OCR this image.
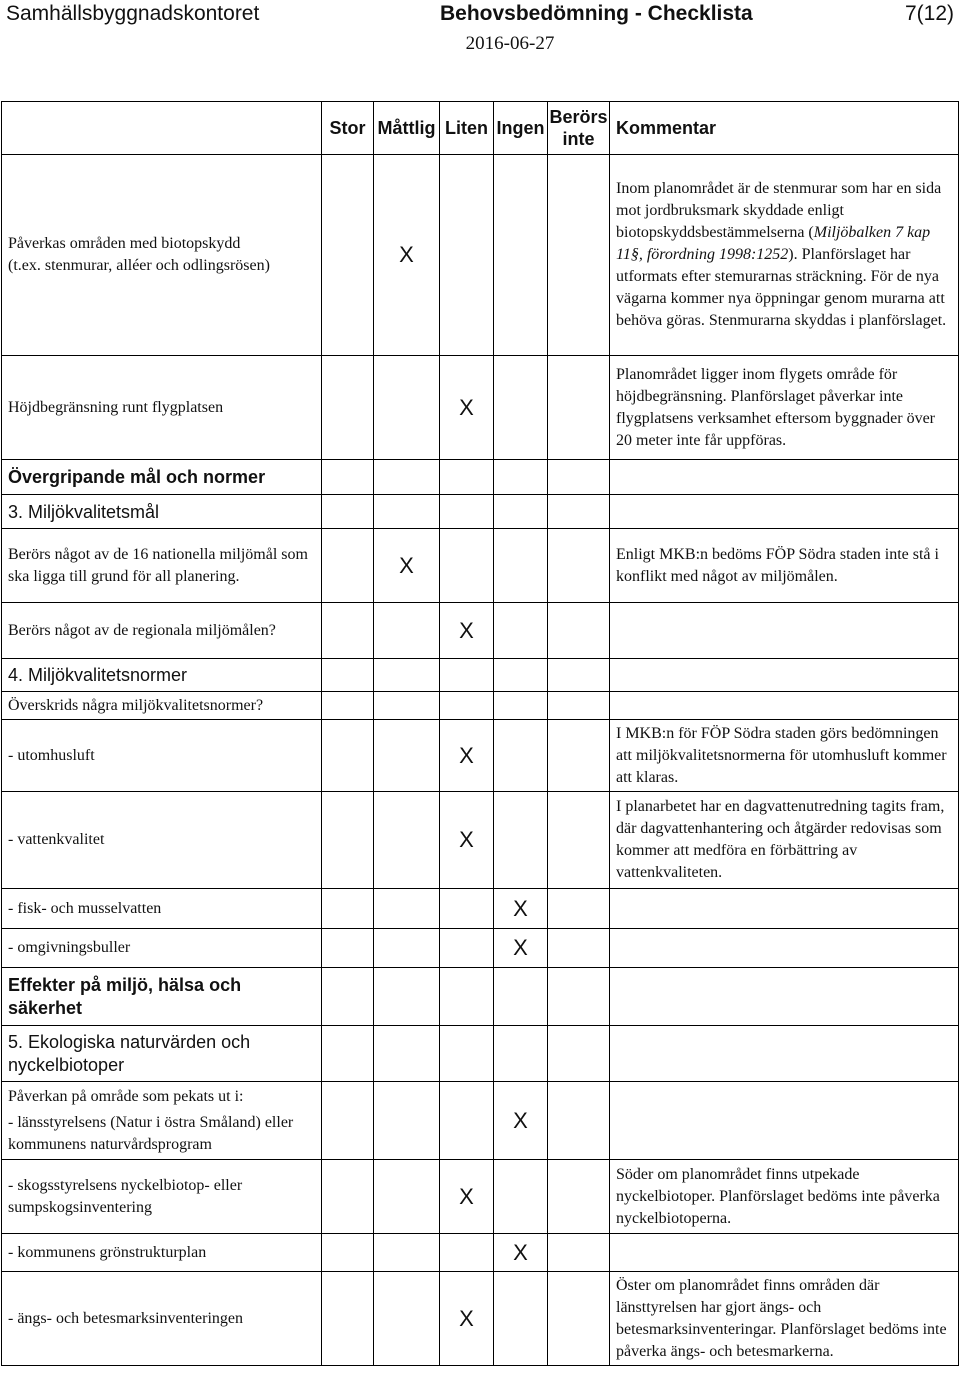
Samhällsbyggnadskontoret	Behovsbedömning - Checklista	7(12)
2016-06-27
	Stor	Måttlig	Liten	Ingen	Berörs inte	Kommentar

Påverkas områden med biotopskydd
(t.ex. stenmurar, alléer och odlingsrösen)		X				Inom planområdet är de stenmurar som har en sida mot jordbruksmark skyddade enligt biotopskyddsbestämmelserna (Miljöbalken 7 kap 11§, förordning 1998:1252). Planförslaget har utformats efter stemurarnas sträckning. För de nya vägarna kommer nya öppningar genom murarna att behöva göras. Stenmurarna skyddas i planförslaget.
Höjdbegränsning runt flygplatsen			X			Planområdet ligger inom flygets område för höjdbegränsning. Planförslaget påverkar inte flygplatsens verksamhet eftersom byggnader över 20 meter inte får uppföras.
Övergripande mål och normer						
3. Miljökvalitetsmål						
Berörs något av de 16 nationella miljömål som ska ligga till grund för all planering.		X				Enligt MKB:n bedöms FÖP Södra staden inte stå i konflikt med något av miljömålen.
Berörs något av de regionala miljömålen?			X			
4. Miljökvalitetsnormer						
Överskrids några miljökvalitetsnormer?						
- utomhusluft			X			I MKB:n för FÖP Södra staden görs bedömningen att miljökvalitetsnormerna för utomhusluft kommer att klaras.
- vattenkvalitet			X			I planarbetet har en dagvattenutredning tagits fram, där dagvattenhantering och åtgärder redovisas som kommer att medföra en förbättring av vattenkvaliteten.
- fisk- och musselvatten				X		
- omgivningsbuller				X		
Effekter på miljö, hälsa och säkerhet						
5. Ekologiska naturvärden och nyckelbiotoper						

Påverkan på område som pekats ut i:
- länsstyrelsens (Natur i östra Småland) eller kommunens naturvårdsprogram				X		
- skogsstyrelsens nyckelbiotop- eller sumpskogsinventering			X			Söder om planområdet finns utpekade nyckelbiotoper. Planförslaget bedöms inte påverka nyckelbiotoperna.
- kommunens grönstrukturplan				X		
- ängs- och betesmarksinventeringen			X			Öster om planområdet finns områden där länsttyrelsen har gjort ängs- och betesmarksinventeringar. Planförslaget bedöms inte påverka ängs- och betesmarkerna.
